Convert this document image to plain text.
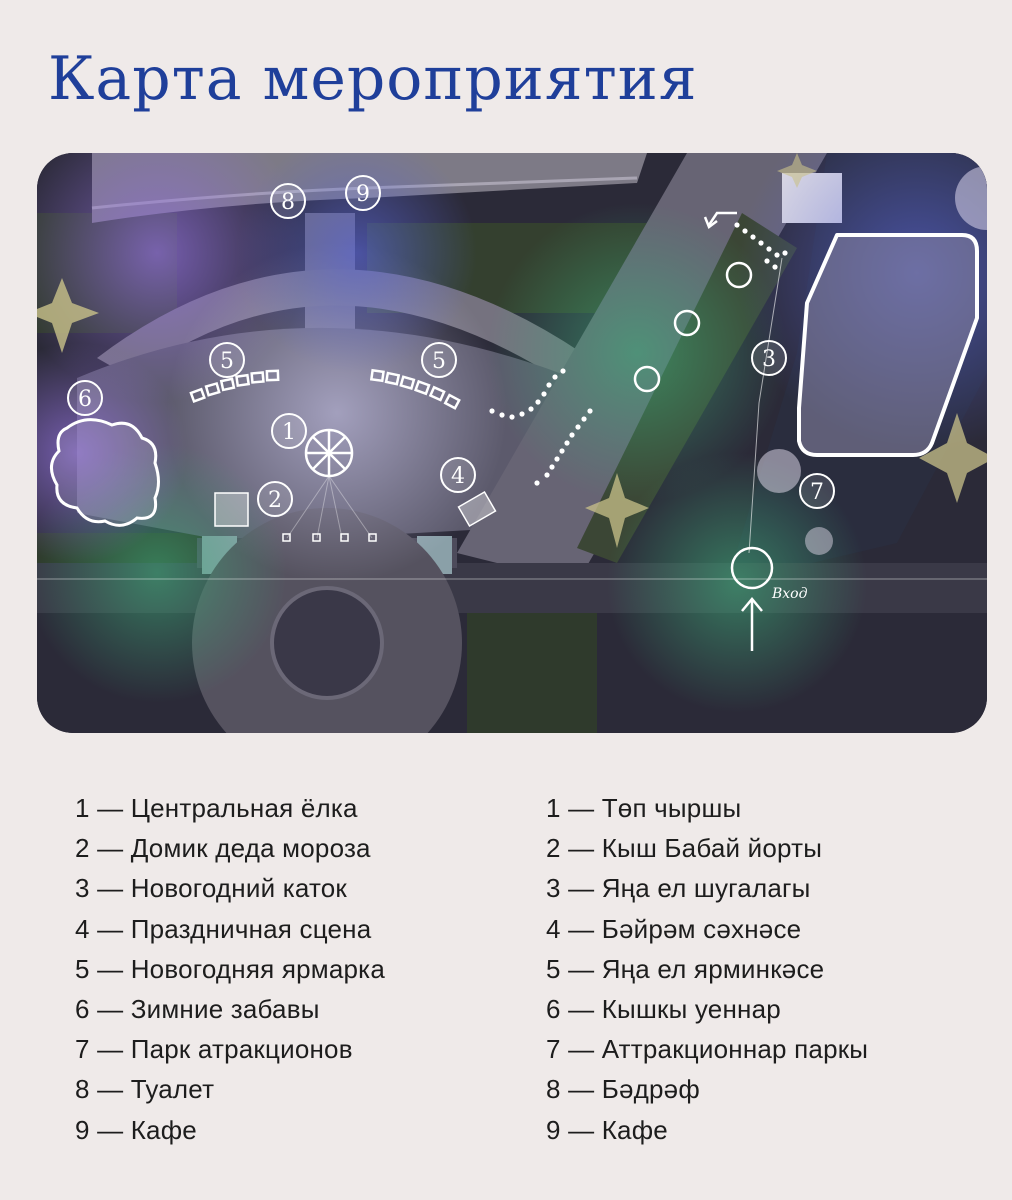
Карта мероприятия
Вход
8	9
5	5
6
1
2
4
3
7
1 — Центральная ёлка
2 — Домик деда мороза
3 — Новогодний каток
4 — Праздничная сцена
5 — Новогодняя ярмарка
6 — Зимние забавы
7 — Парк атракционов
8 — Туалет
9 — Кафе
1 — Төп чыршы
2 — Кыш Бабай йорты
3 — Яңа ел шугалагы
4 — Бәйрәм сәхнәсе
5 — Яңа ел ярминкәсе
6 — Кышкы уеннар
7 — Аттракционнар паркы
8 — Бәдрәф
9 — Кафе
